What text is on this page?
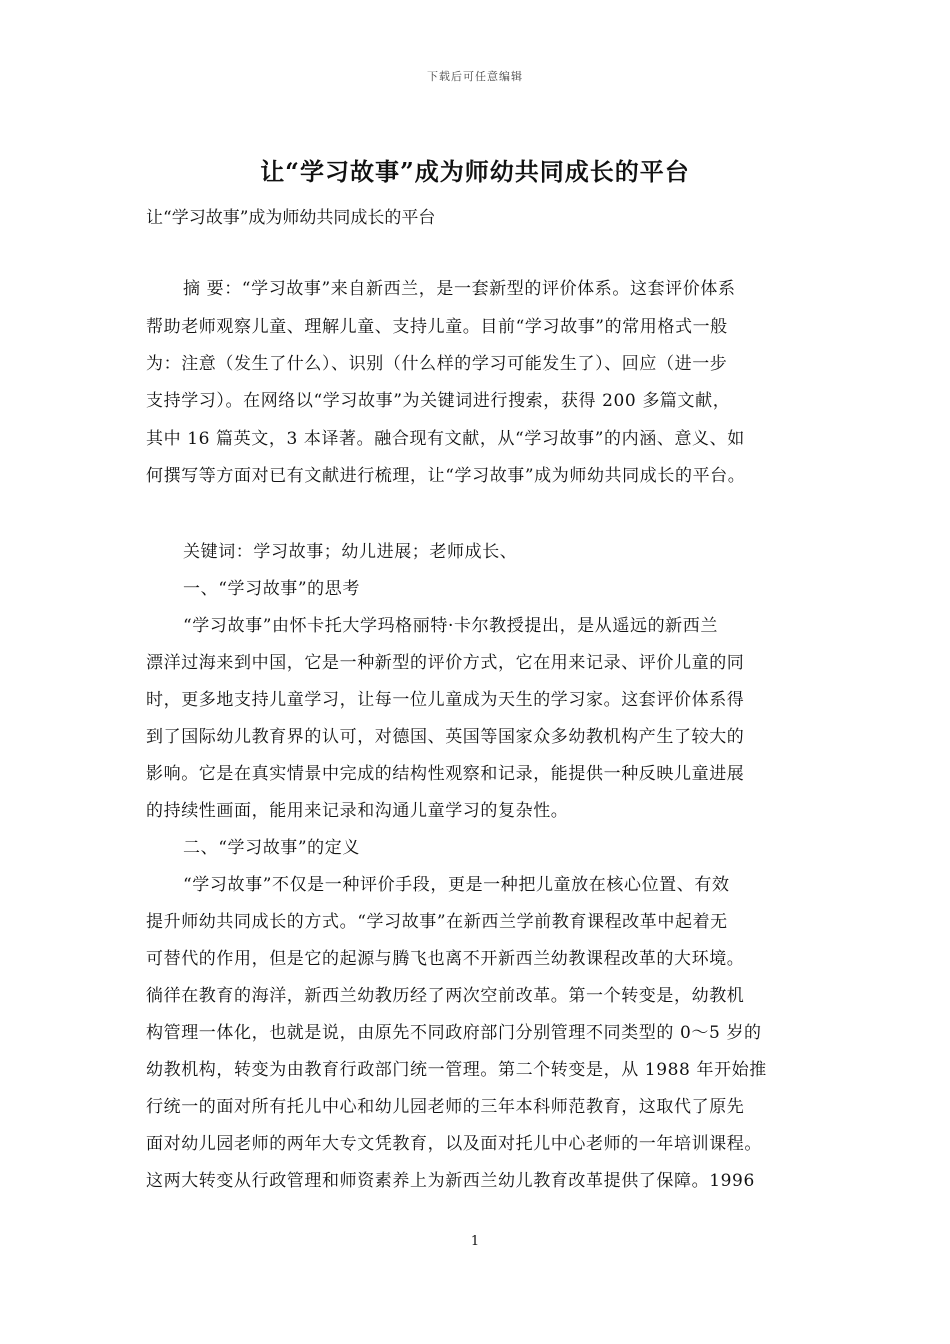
下载后可任意编辑
让“学习故事”成为师幼共同成长的平台

让“学习故事”成为师幼共同成长的平台

摘 要：“学习故事”来自新西兰，是一套新型的评价体系。这套评价体系

帮助老师观察儿童、理解儿童、支持儿童。目前“学习故事”的常用格式一般

为：注意（发生了什么）、识别（什么样的学习可能发生了）、回应（进一步

支持学习）。在网络以“学习故事”为关键词进行搜索，获得 200 多篇文献，

其中 16 篇英文，3 本译著。融合现有文献，从“学习故事”的内涵、意义、如

何撰写等方面对已有文献进行梳理，让“学习故事”成为师幼共同成长的平台。

关键词：学习故事；幼儿进展；老师成长、

一、“学习故事”的思考

“学习故事”由怀卡托大学玛格丽特·卡尔教授提出，是从遥远的新西兰

漂洋过海来到中国，它是一种新型的评价方式，它在用来记录、评价儿童的同

时，更多地支持儿童学习，让每一位儿童成为天生的学习家。这套评价体系得

到了国际幼儿教育界的认可，对德国、英国等国家众多幼教机构产生了较大的

影响。它是在真实情景中完成的结构性观察和记录，能提供一种反映儿童进展

的持续性画面，能用来记录和沟通儿童学习的复杂性。

二、“学习故事”的定义

“学习故事”不仅是一种评价手段，更是一种把儿童放在核心位置、有效

提升师幼共同成长的方式。“学习故事”在新西兰学前教育课程改革中起着无

可替代的作用，但是它的起源与腾飞也离不开新西兰幼教课程改革的大环境。

徜徉在教育的海洋，新西兰幼教历经了两次空前改革。第一个转变是，幼教机

构管理一体化，也就是说，由原先不同政府部门分别管理不同类型的 0～5 岁的

幼教机构，转变为由教育行政部门统一管理。第二个转变是，从 1988 年开始推

行统一的面对所有托儿中心和幼儿园老师的三年本科师范教育，这取代了原先

面对幼儿园老师的两年大专文凭教育，以及面对托儿中心老师的一年培训课程。

这两大转变从行政管理和师资素养上为新西兰幼儿教育改革提供了保障。1996

1
